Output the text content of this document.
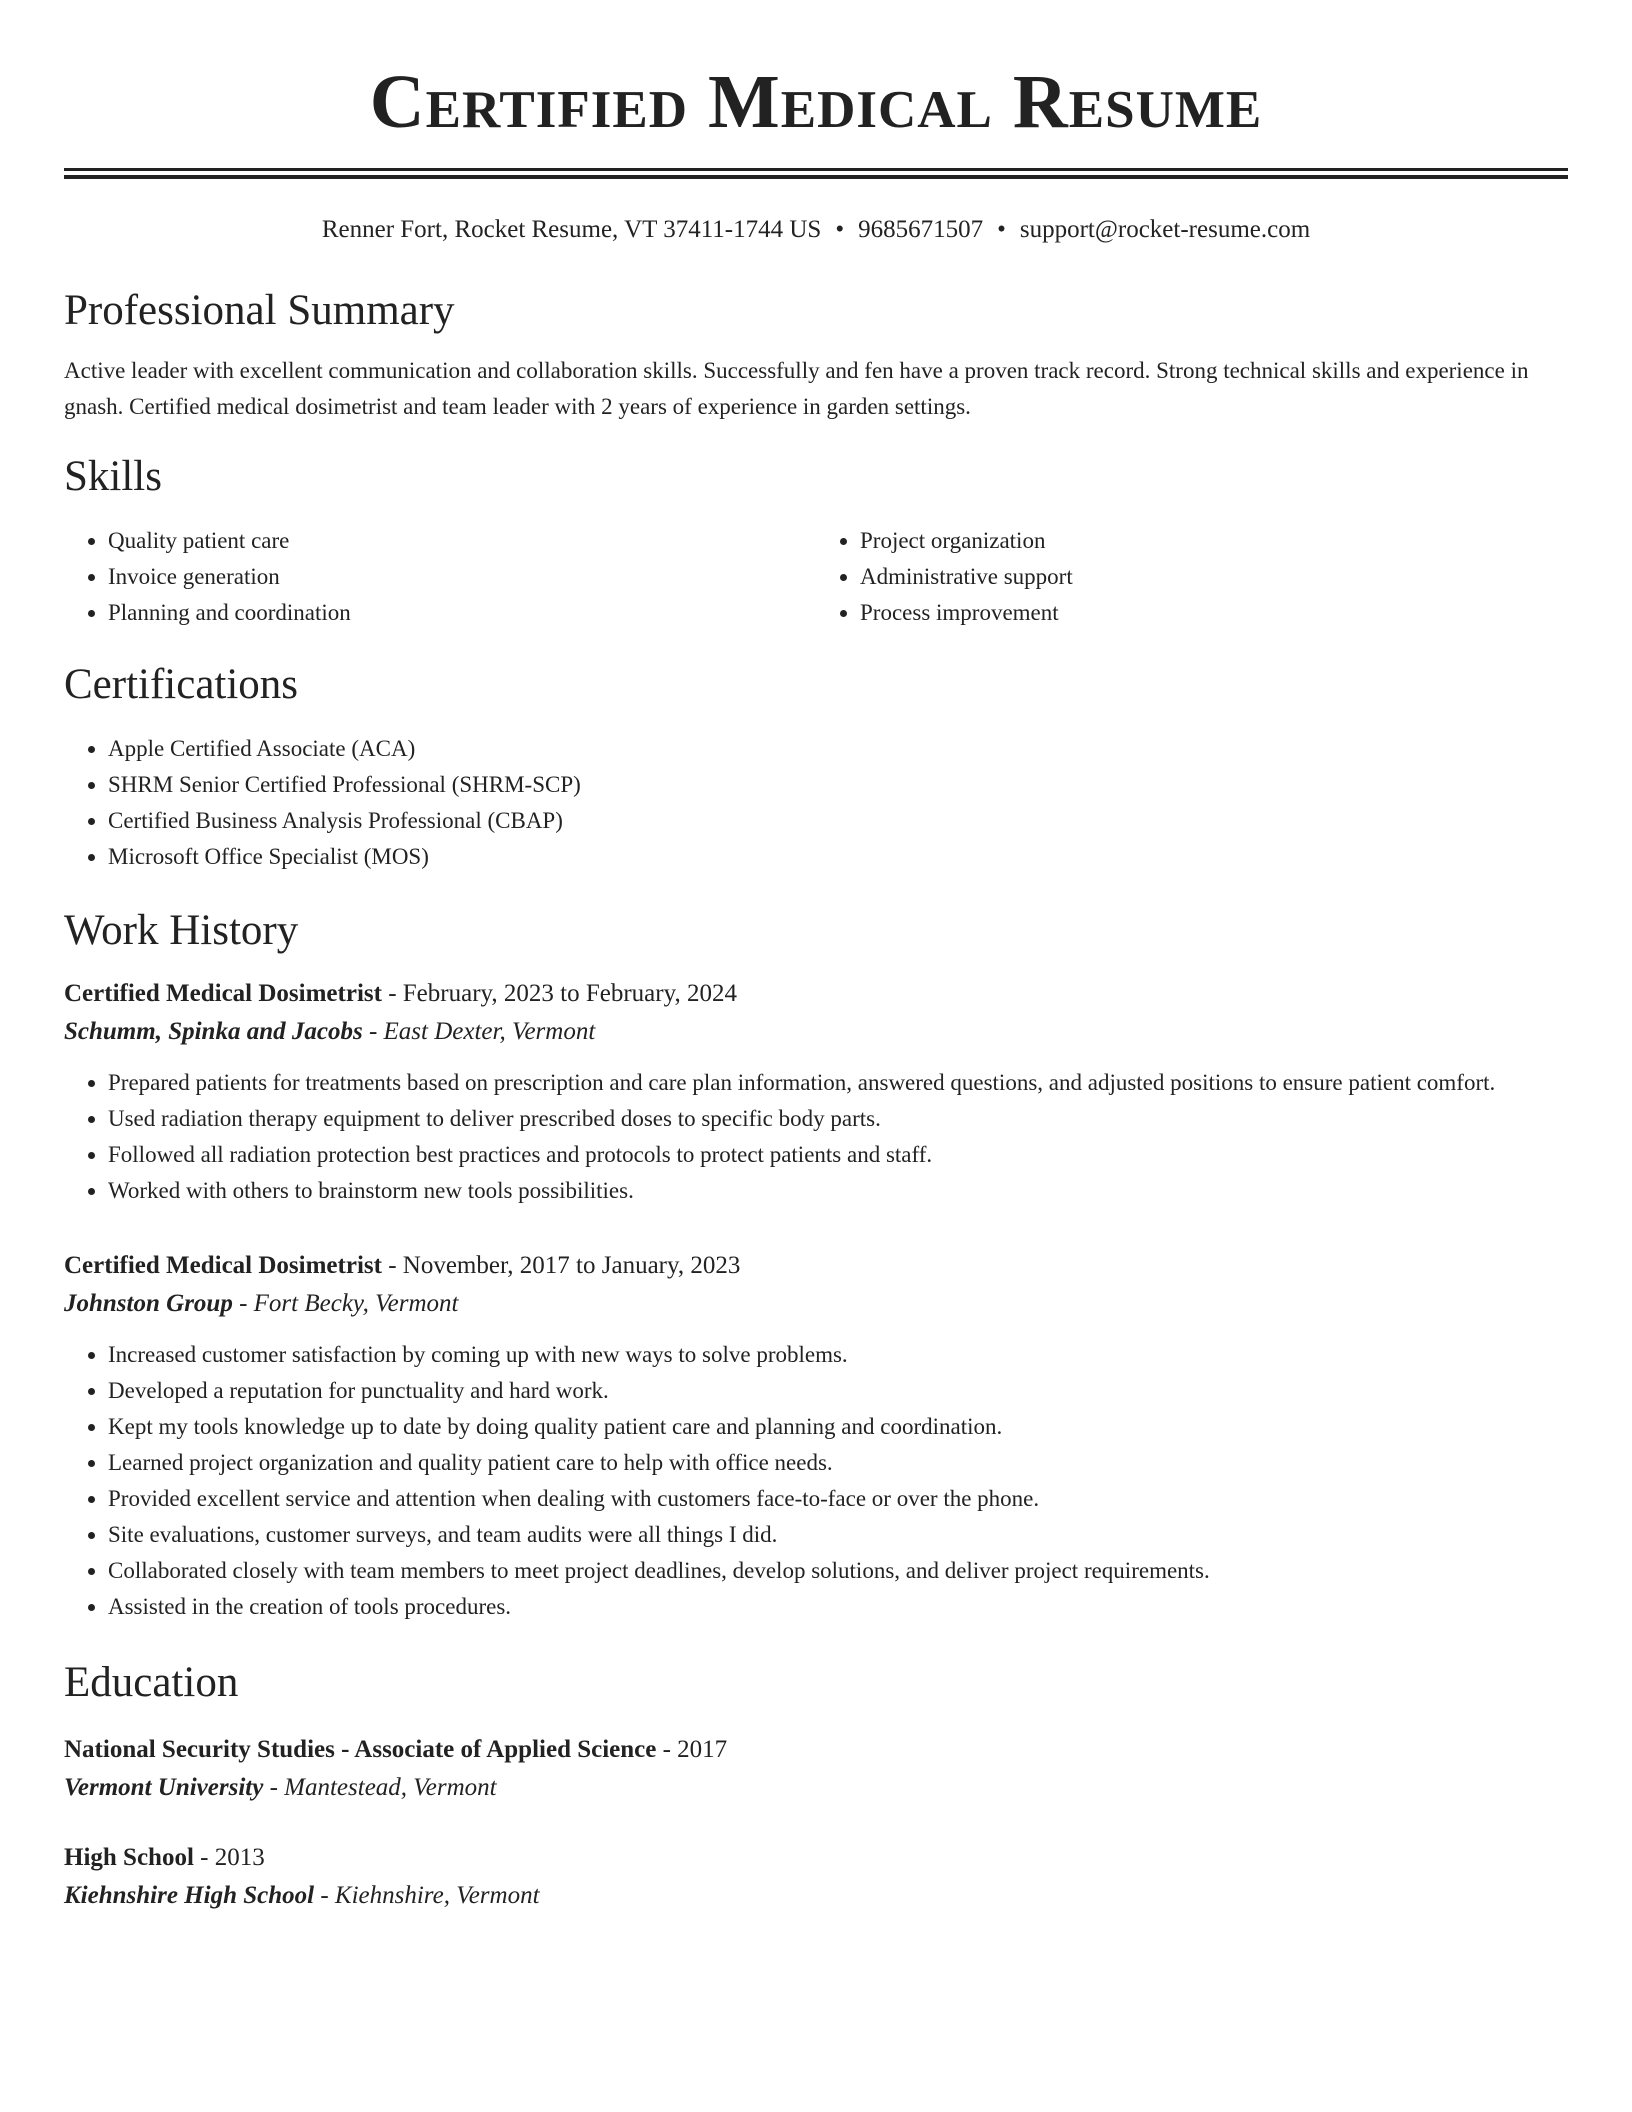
Certified Medical Resume
Renner Fort, Rocket Resume, VT 37411-1744 US • 9685671507 • support@rocket-resume.com
Professional Summary

Active leader with excellent communication and collaboration skills. Successfully and fen have a proven track record. Strong technical skills and experience in gnash. Certified medical dosimetrist and team leader with 2 years of experience in garden settings.

Skills
• Quality patient care
• Invoice generation
• Planning and coordination
• Project organization
• Administrative support
• Process improvement
Certifications
• Apple Certified Associate (ACA)
• SHRM Senior Certified Professional (SHRM-SCP)
• Certified Business Analysis Professional (CBAP)
• Microsoft Office Specialist (MOS)
Work History
Certified Medical Dosimetrist - February, 2023 to February, 2024
Schumm, Spinka and Jacobs - East Dexter, Vermont
• Prepared patients for treatments based on prescription and care plan information, answered questions, and adjusted positions to ensure patient comfort.
• Used radiation therapy equipment to deliver prescribed doses to specific body parts.
• Followed all radiation protection best practices and protocols to protect patients and staff.
• Worked with others to brainstorm new tools possibilities.
Certified Medical Dosimetrist - November, 2017 to January, 2023
Johnston Group - Fort Becky, Vermont
• Increased customer satisfaction by coming up with new ways to solve problems.
• Developed a reputation for punctuality and hard work.
• Kept my tools knowledge up to date by doing quality patient care and planning and coordination.
• Learned project organization and quality patient care to help with office needs.
• Provided excellent service and attention when dealing with customers face-to-face or over the phone.
• Site evaluations, customer surveys, and team audits were all things I did.
• Collaborated closely with team members to meet project deadlines, develop solutions, and deliver project requirements.
• Assisted in the creation of tools procedures.
Education
National Security Studies - Associate of Applied Science - 2017
Vermont University - Mantestead, Vermont
High School - 2013
Kiehnshire High School - Kiehnshire, Vermont
